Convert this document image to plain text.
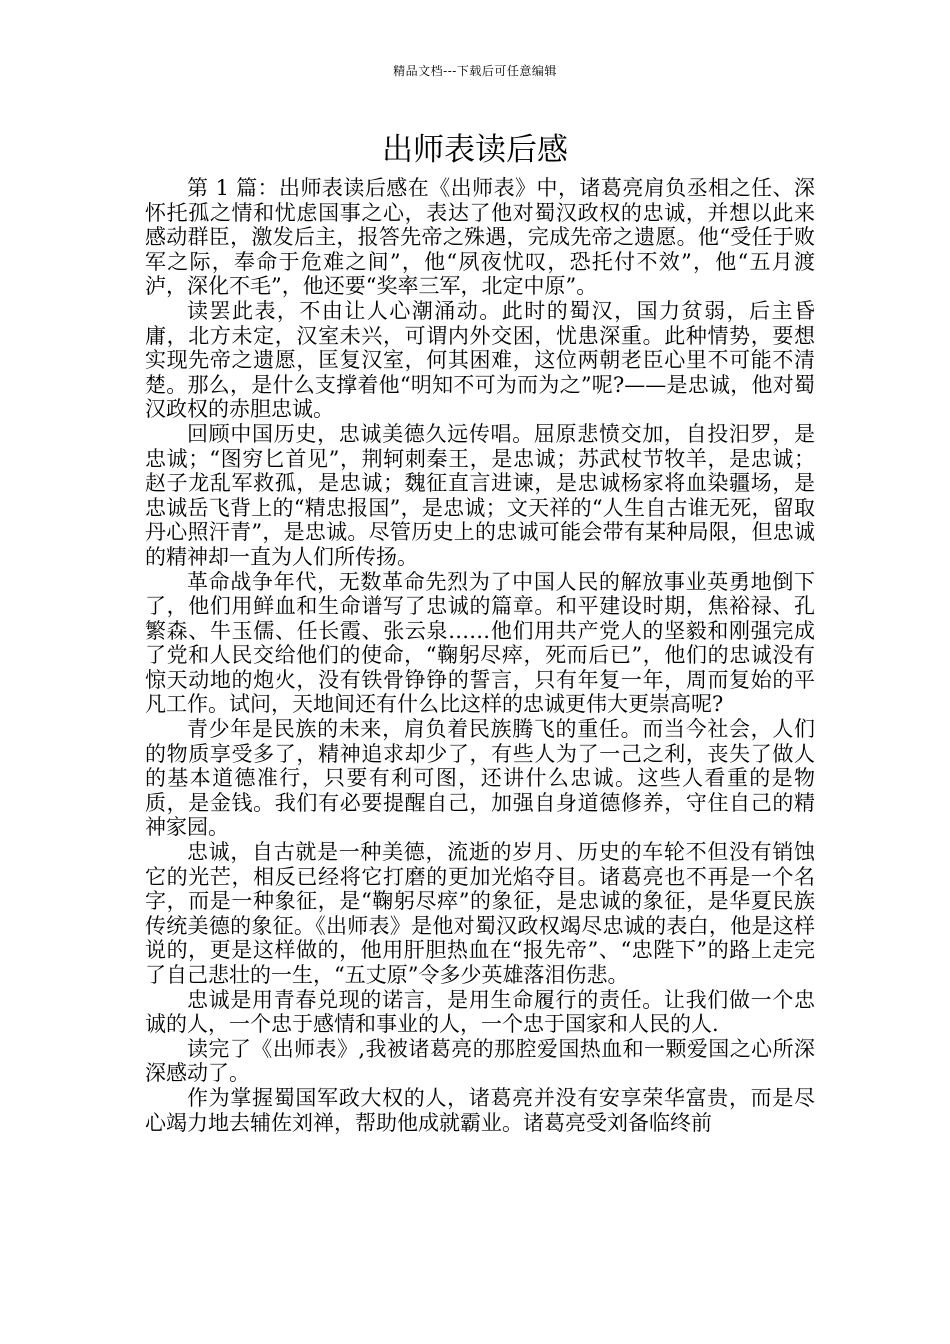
精品文档---下载后可任意编辑
出师表读后感

第 1 篇：出师表读后感在《出师表》中，诸葛亮肩负丞相之任、深怀托孤之情和忧虑国事之心，表达了他对蜀汉政权的忠诚，并想以此来感动群臣，激发后主，报答先帝之殊遇，完成先帝之遗愿。他“受任于败军之际，奉命于危难之间”，他“夙夜忧叹，恐托付不效”，他“五月渡泸，深化不毛”，他还要“奖率三军，北定中原”。

读罢此表，不由让人心潮涌动。此时的蜀汉，国力贫弱，后主昏庸，北方未定，汉室未兴，可谓内外交困，忧患深重。此种情势，要想实现先帝之遗愿，匡复汉室，何其困难，这位两朝老臣心里不可能不清楚。那么，是什么支撑着他“明知不可为而为之”呢?——是忠诚，他对蜀汉政权的赤胆忠诚。

回顾中国历史，忠诚美德久远传唱。屈原悲愤交加，自投汨罗，是忠诚；“图穷匕首见”，荆轲刺秦王，是忠诚；苏武杖节牧羊，是忠诚；赵子龙乱军救孤，是忠诚；魏征直言进谏，是忠诚杨家将血染疆场，是忠诚岳飞背上的“精忠报国”，是忠诚；文天祥的“人生自古谁无死，留取丹心照汗青”，是忠诚。尽管历史上的忠诚可能会带有某种局限，但忠诚的精神却一直为人们所传扬。

革命战争年代，无数革命先烈为了中国人民的解放事业英勇地倒下了，他们用鲜血和生命谱写了忠诚的篇章。和平建设时期，焦裕禄、孔繁森、牛玉儒、任长霞、张云泉……他们用共产党人的坚毅和刚强完成了党和人民交给他们的使命，“鞠躬尽瘁，死而后已”，他们的忠诚没有惊天动地的炮火，没有铁骨铮铮的誓言，只有年复一年，周而复始的平凡工作。试问，天地间还有什么比这样的忠诚更伟大更崇高呢?

青少年是民族的未来，肩负着民族腾飞的重任。而当今社会，人们的物质享受多了，精神追求却少了，有些人为了一己之利，丧失了做人的基本道德准行，只要有利可图，还讲什么忠诚。这些人看重的是物质，是金钱。我们有必要提醒自己，加强自身道德修养，守住自己的精神家园。

忠诚，自古就是一种美德，流逝的岁月、历史的车轮不但没有销蚀它的光芒，相反已经将它打磨的更加光焰夺目。诸葛亮也不再是一个名字，而是一种象征，是“鞠躬尽瘁”的象征，是忠诚的象征，是华夏民族传统美德的象征。《出师表》是他对蜀汉政权竭尽忠诚的表白，他是这样说的，更是这样做的，他用肝胆热血在“报先帝”、“忠陛下”的路上走完了自己悲壮的一生，“五丈原”令多少英雄落泪伤悲。

忠诚是用青春兑现的诺言，是用生命履行的责任。让我们做一个忠诚的人，一个忠于感情和事业的人，一个忠于国家和人民的人.

读完了《出师表》,我被诸葛亮的那腔爱国热血和一颗爱国之心所深深感动了。

作为掌握蜀国军政大权的人，诸葛亮并没有安享荣华富贵，而是尽心竭力地去辅佐刘禅，帮助他成就霸业。诸葛亮受刘备临终前
